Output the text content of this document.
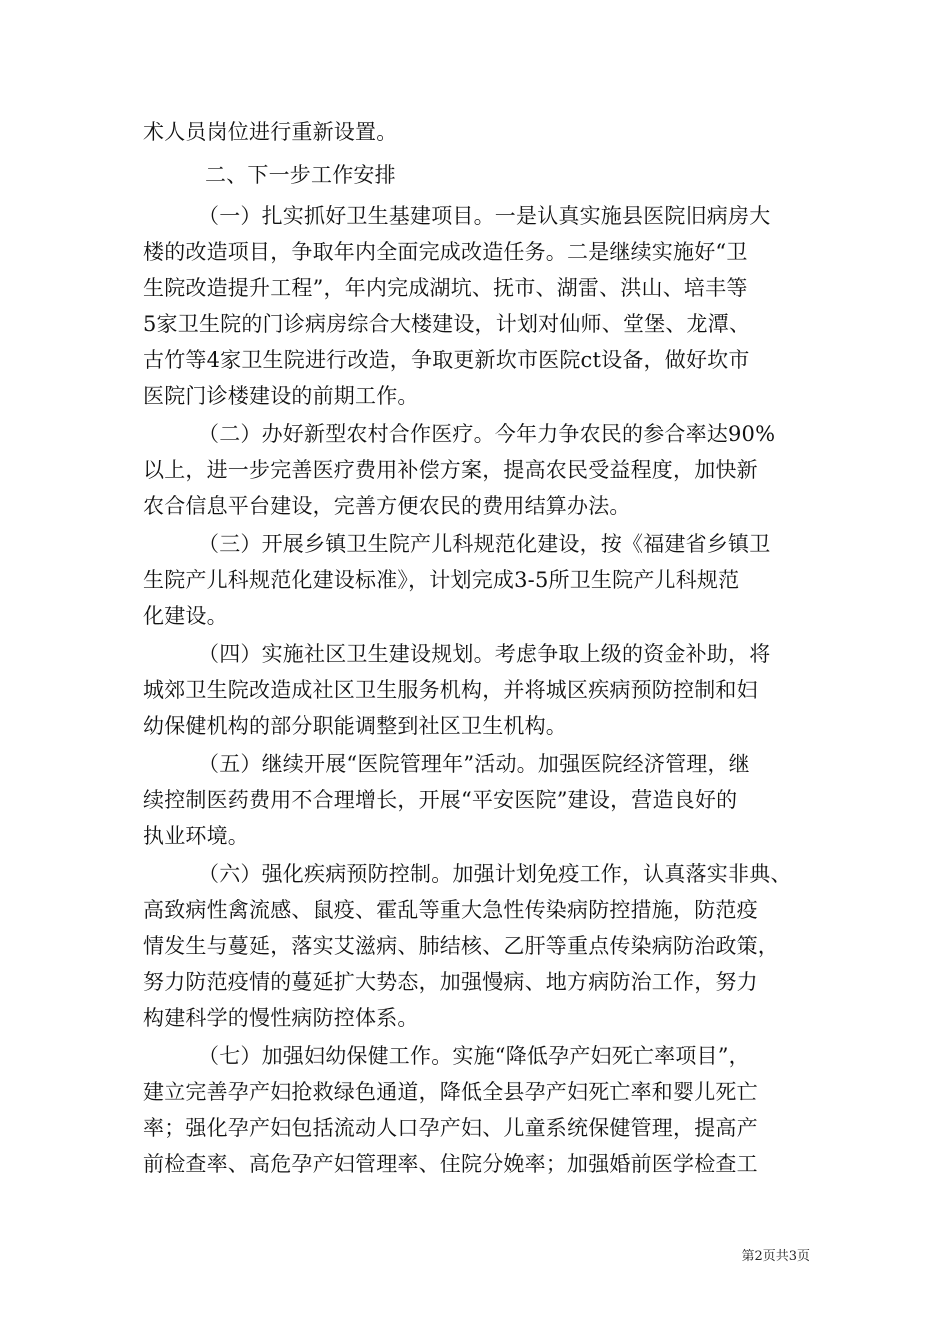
术人员岗位进行重新设置。
二、下一步工作安排
（一）扎实抓好卫生基建项目。一是认真实施县医院旧病房大
楼的改造项目，争取年内全面完成改造任务。二是继续实施好“卫
生院改造提升工程”，年内完成湖坑、抚市、湖雷、洪山、培丰等
5家卫生院的门诊病房综合大楼建设，计划对仙师、堂堡、龙潭、
古竹等4家卫生院进行改造，争取更新坎市医院ct设备，做好坎市
医院门诊楼建设的前期工作。
（二）办好新型农村合作医疗。今年力争农民的参合率达90%
以上，进一步完善医疗费用补偿方案，提高农民受益程度，加快新
农合信息平台建设，完善方便农民的费用结算办法。
（三）开展乡镇卫生院产儿科规范化建设，按《福建省乡镇卫
生院产儿科规范化建设标准》，计划完成3-5所卫生院产儿科规范
化建设。
（四）实施社区卫生建设规划。考虑争取上级的资金补助，将
城郊卫生院改造成社区卫生服务机构，并将城区疾病预防控制和妇
幼保健机构的部分职能调整到社区卫生机构。
（五）继续开展“医院管理年”活动。加强医院经济管理，继
续控制医药费用不合理增长，开展“平安医院”建设，营造良好的
执业环境。
（六）强化疾病预防控制。加强计划免疫工作，认真落实非典、
高致病性禽流感、鼠疫、霍乱等重大急性传染病防控措施，防范疫
情发生与蔓延，落实艾滋病、肺结核、乙肝等重点传染病防治政策，
努力防范疫情的蔓延扩大势态，加强慢病、地方病防治工作，努力
构建科学的慢性病防控体系。
（七）加强妇幼保健工作。实施“降低孕产妇死亡率项目”，
建立完善孕产妇抢救绿色通道，降低全县孕产妇死亡率和婴儿死亡
率；强化孕产妇包括流动人口孕产妇、儿童系统保健管理，提高产
前检查率、高危孕产妇管理率、住院分娩率；加强婚前医学检查工
第2页共3页
